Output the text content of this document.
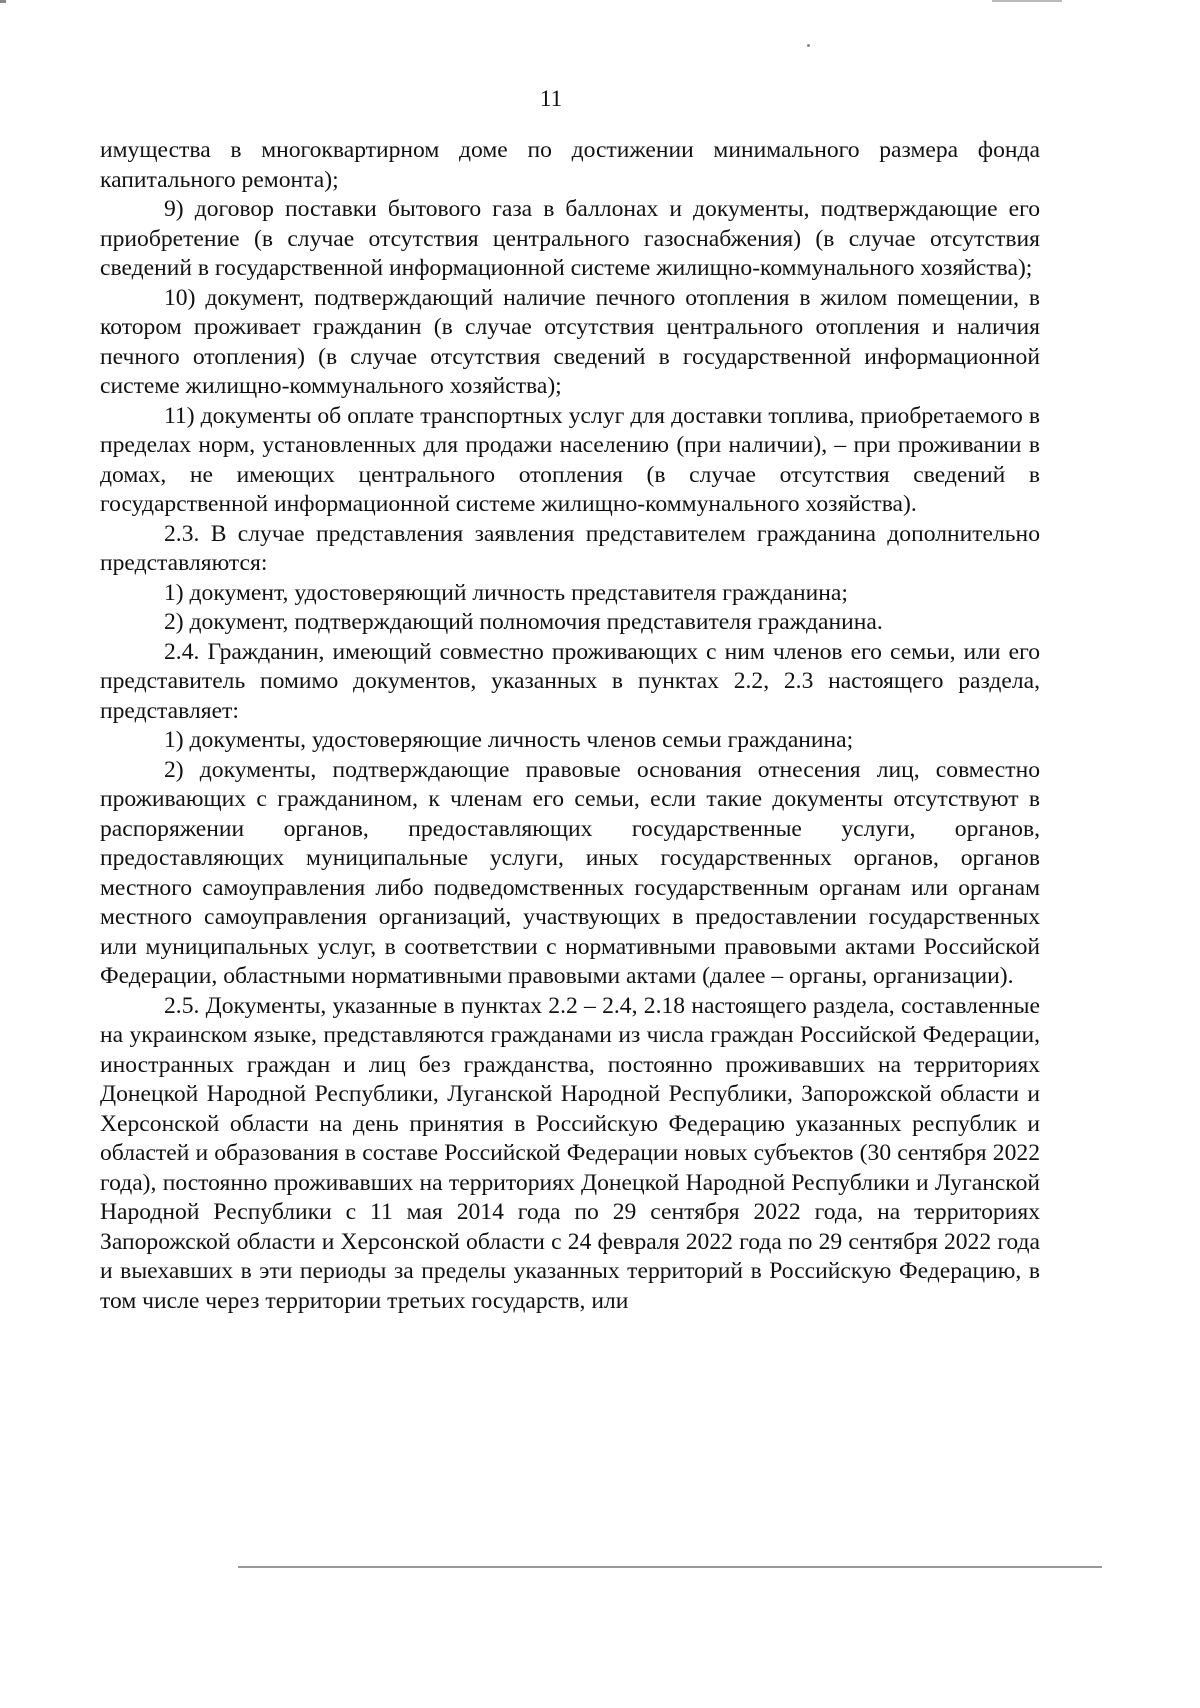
11

имущества в многоквартирном доме по достижении минимального размера фонда капитального ремонта);

9) договор поставки бытового газа в баллонах и документы, подтверждающие его приобретение (в случае отсутствия центрального газоснабжения) (в случае отсутствия сведений в государственной информационной системе жилищно-коммунального хозяйства);

10) документ, подтверждающий наличие печного отопления в жилом помещении, в котором проживает гражданин (в случае отсутствия центрального отопления и наличия печного отопления) (в случае отсутствия сведений в государственной информационной системе жилищно-коммунального хозяйства);

11) документы об оплате транспортных услуг для доставки топлива, приобретаемого в пределах норм, установленных для продажи населению (при наличии), – при проживании в домах, не имеющих центрального отопления (в случае отсутствия сведений в государственной информационной системе жилищно-коммунального хозяйства).

2.3. В случае представления заявления представителем гражданина дополнительно представляются:

1) документ, удостоверяющий личность представителя гражданина;

2) документ, подтверждающий полномочия представителя гражданина.

2.4. Гражданин, имеющий совместно проживающих с ним членов его семьи, или его представитель помимо документов, указанных в пунктах 2.2, 2.3 настоящего раздела, представляет:

1) документы, удостоверяющие личность членов семьи гражданина;

2) документы, подтверждающие правовые основания отнесения лиц, совместно проживающих с гражданином, к членам его семьи, если такие документы отсутствуют в распоряжении органов, предоставляющих государственные услуги, органов, предоставляющих муниципальные услуги, иных государственных органов, органов местного самоуправления либо подведомственных государственным органам или органам местного самоуправления организаций, участвующих в предоставлении государственных или муниципальных услуг, в соответствии с нормативными правовыми актами Российской Федерации, областными нормативными правовыми актами (далее – органы, организации).

2.5. Документы, указанные в пунктах 2.2 – 2.4, 2.18 настоящего раздела, составленные на украинском языке, представляются гражданами из числа граждан Российской Федерации, иностранных граждан и лиц без гражданства, постоянно проживавших на территориях Донецкой Народной Республики, Луганской Народной Республики, Запорожской области и Херсонской области на день принятия в Российскую Федерацию указанных республик и областей и образования в составе Российской Федерации новых субъектов (30 сентября 2022 года), постоянно проживавших на территориях Донецкой Народной Республики и Луганской Народной Республики с 11 мая 2014 года по 29 сентября 2022 года, на территориях Запорожской области и Херсонской области с 24 февраля 2022 года по 29 сентября 2022 года и выехавших в эти периоды за пределы указанных территорий в Российскую Федерацию, в том числе через территории третьих государств, или
